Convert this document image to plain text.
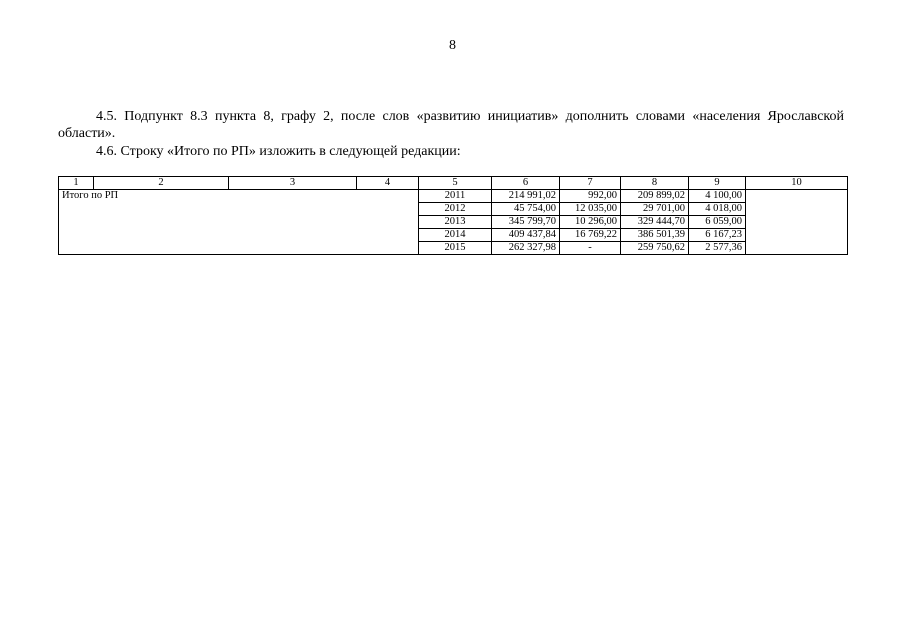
8

4.5. Подпункт 8.3 пункта 8, графу 2, после слов «развитию инициатив» дополнить словами «населения Ярославской области».

4.6. Строку «Итого по РП» изложить в следующей редакции:

1	2	3	4	5	6	7	8	9	10
Итого по РП				2011	214 991,02	992,00	209 899,02	4 100,00	
				2012	45 754,00	12 035,00	29 701,00	4 018,00	
				2013	345 799,70	10 296,00	329 444,70	6 059,00	
				2014	409 437,84	16 769,22	386 501,39	6 167,23	
				2015	262 327,98	-	259 750,62	2 577,36	
